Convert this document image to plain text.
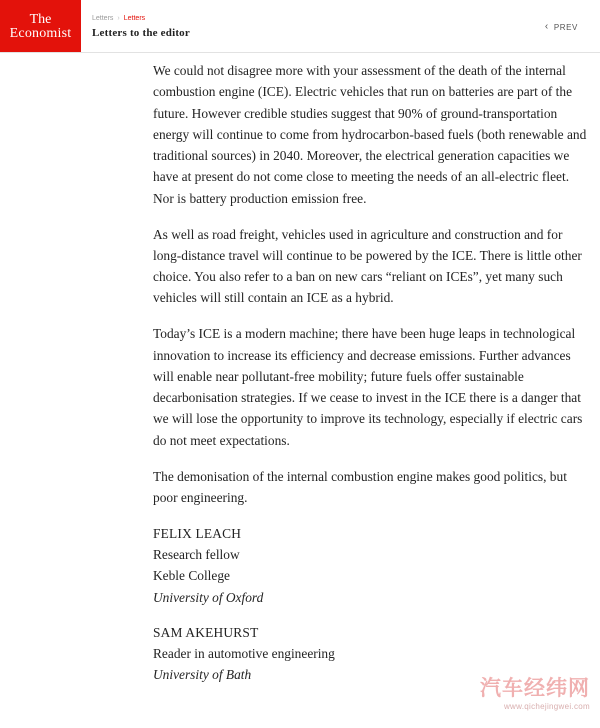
The
Economist
Letters › Letters
Letters to the editor
‹ PREV

We could not disagree more with your assessment of the death of the internal combustion engine (ICE). Electric vehicles that run on batteries are part of the future. However credible studies suggest that 90% of ground-transportation energy will continue to come from hydrocarbon-based fuels (both renewable and traditional sources) in 2040. Moreover, the electrical generation capacities we have at present do not come close to meeting the needs of an all-electric fleet. Nor is battery production emission free.

As well as road freight, vehicles used in agriculture and construction and for long-distance travel will continue to be powered by the ICE. There is little other choice. You also refer to a ban on new cars “reliant on ICEs”, yet many such vehicles will still contain an ICE as a hybrid.

Today’s ICE is a modern machine; there have been huge leaps in technological innovation to increase its efficiency and decrease emissions. Further advances will enable near pollutant-free mobility; future fuels offer sustainable decarbonisation strategies. If we cease to invest in the ICE there is a danger that we will lose the opportunity to improve its technology, especially if electric cars do not meet expectations.

The demonisation of the internal combustion engine makes good politics, but poor engineering.

FELIX LEACH
Research fellow
Keble College
University of Oxford
SAM AKEHURST
Reader in automotive engineering
University of Bath
汽车经纬网
www.qichejingwei.com
